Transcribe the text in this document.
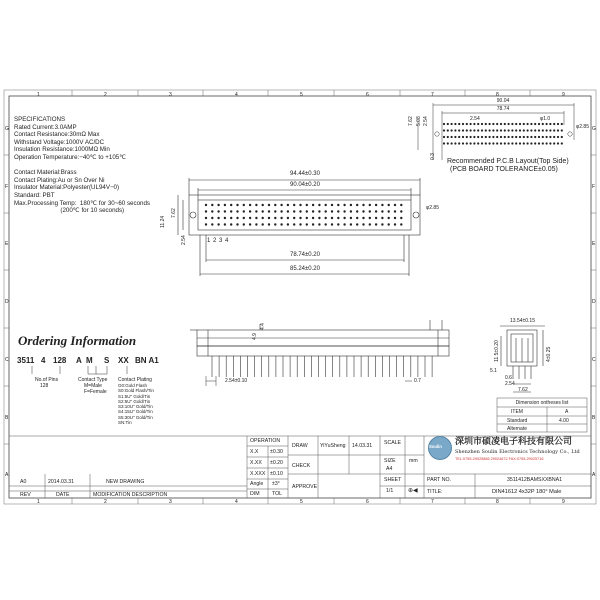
1
1
2
2
3
3
4
4
5
5
6
6
7
7
8
8
9
9
A	A
B	B
C	C
D	D
E	E
F	F
G	G
SPECIFICATIONS
Rated Current:3.0AMP
Contact Resistance:30mΩ Max
Withstand Voltage:1000V AC/DC
Insulation Resistance:1000MΩ Min
Operation Temperature:−40℃ to +105℃
Contact Material:Brass
Contact Plating:Au or Sn Over Ni
Insulator Material:Polyester(UL94V−0)
Standard: PBT
Max.Processing Temp:  180℃ for 30~60 seconds
(200℃ for 10 seconds)
94.44±0.30
90.04±0.20
78.74±0.20
85.24±0.20
7.62
11.24
2.54
φ2.85
1 2 3 4
90.04
78.74
2.54
7.62 5.08 2.54	φ1.0
φ2.85
0.3
Recommended P.C.B Layout(Top Side)
(PCB BOARD TOLERANCE±0.05)
4.9
4.4
2.54±0.10	0.7
13.54±0.15
11.5±0.20	4±0.25
5.1
0.6
2.54
7.62
Ordering Information
3511 4 128 A M S XX BN A1
No.of Pins
128
Contact Type
M=Male
F=Female
Contact Plating
G0:Gold Flash
S0:Gold Flash/Tin
S1:5U" Gold/Tin
S2:5U" Gold/Tin
S3:10U" Gold/Tin
S4:15U" Gold/Tin
S5:30U" Gold/Tin
SN:Tin
Dimension ontheses list
ITEM	A
Standard	4.00
Alternate
OPERATION
X.X ±0.30
X.XX ±0.20
X.XXX ±0.10
Angle ±3°
DIM TOL
DRAW YiYuSheng 14.03.31
CHECK
APPROVE
SCALE
SIZE	mm
A4
SHEET
1/1 ⊕◀
Soulin 深圳市硕凌电子科技有限公司
Shenzhen Soulin Electronics Technology Co., Ltd
TEL:0755-29025886 29024672 FAX:0755-29025716
PART NO.	3511412BAMSXXBNA1
TITLE:	DIN41612 4x32P 180° Male
A0	2014.03.31	NEW DRAWING
REV	DATE	MODIFICATION DESCRIPTION
